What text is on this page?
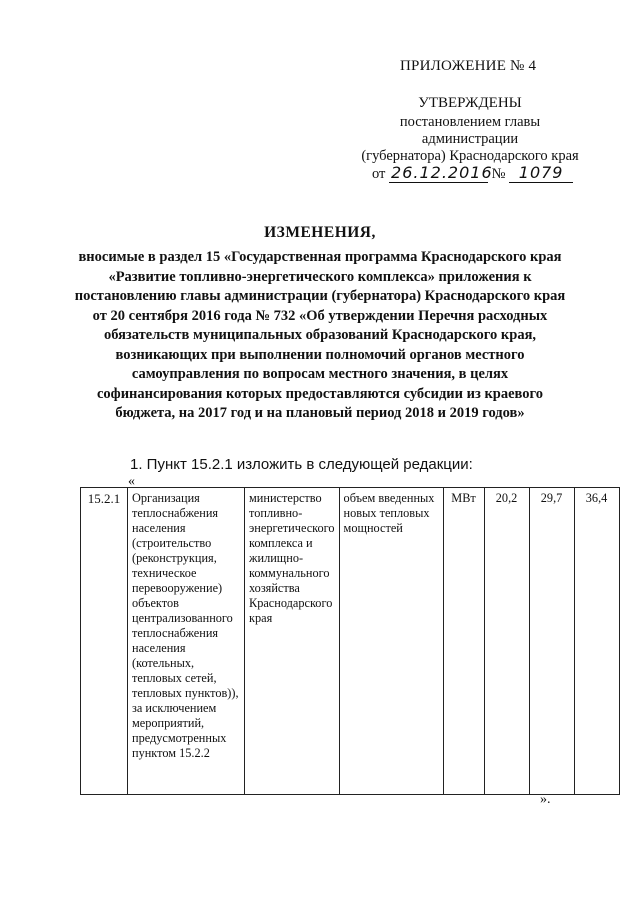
ПРИЛОЖЕНИЕ № 4
УТВЕРЖДЕНЫ
постановлением главы
администрации
(губернатора) Краснодарского края
от 26.12.2016 № 1079
ИЗМЕНЕНИЯ,
вносимые в раздел 15 «Государственная программа Краснодарского края «Развитие топливно-энергетического комплекса» приложения к постановлению главы администрации (губернатора) Краснодарского края от 20 сентября 2016 года № 732 «Об утверждении Перечня расходных обязательств муниципальных образований Краснодарского края, возникающих при выполнении полномочий органов местного самоуправления по вопросам местного значения, в целях софинансирования которых предоставляются субсидии из краевого бюджета, на 2017 год и на плановый период 2018 и 2019 годов»
1. Пункт 15.2.1 изложить в следующей редакции:
«
15.2.1	Организация теплоснабжения населения (строительство (реконструкция, техническое перевооружение) объектов централизованного теплоснабжения населения (котельных, тепловых сетей, тепловых пунктов)), за исключением мероприятий, предусмотренных пунктом 15.2.2	министерство топливно-энергетического комплекса и жилищно-коммунального хозяйства Краснодарского края	объем введенных новых тепловых мощностей	МВт	20,2	29,7	36,4
».
